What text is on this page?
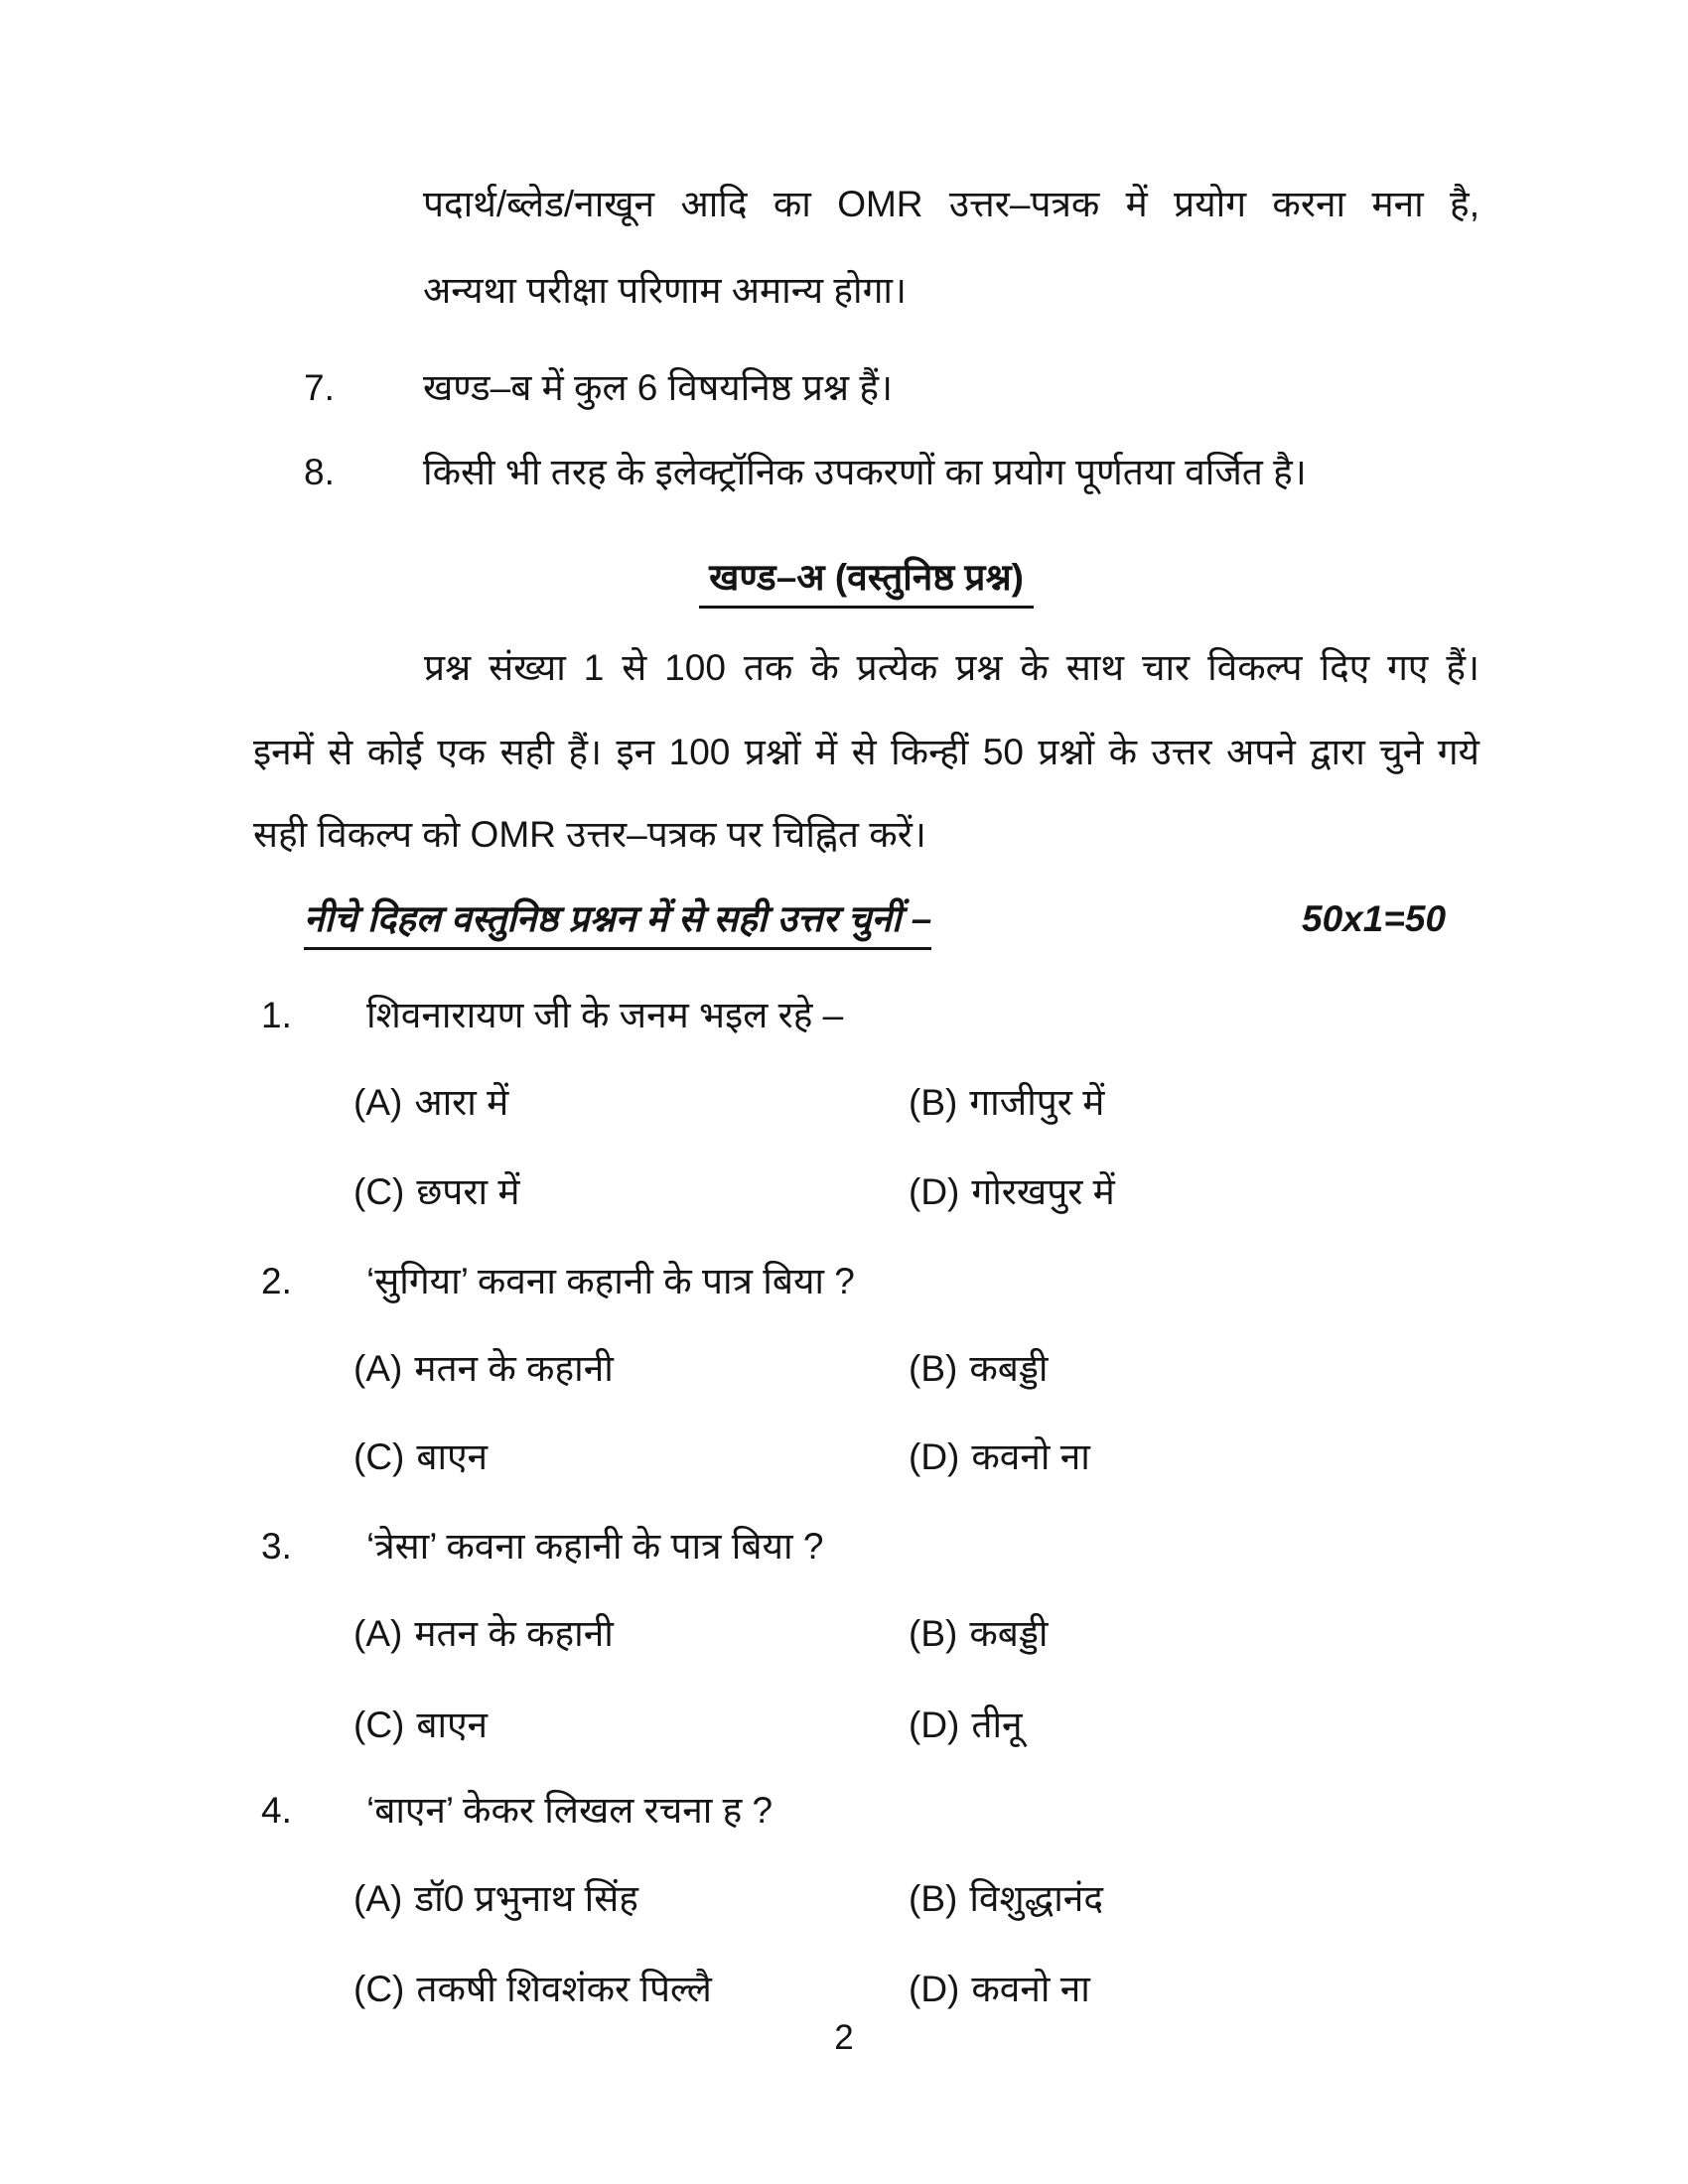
पदार्थ/ब्लेड/नाखून आदि का OMR उत्तर–पत्रक में प्रयोग करना मना है,
अन्यथा परीक्षा परिणाम अमान्य होगा।
7. खण्ड–ब में कुल 6 विषयनिष्ठ प्रश्न हैं।
8. किसी भी तरह के इलेक्ट्रॉनिक उपकरणों का प्रयोग पूर्णतया वर्जित है।
खण्ड–अ (वस्तुनिष्ठ प्रश्न)
प्रश्न संख्या 1 से 100 तक के प्रत्येक प्रश्न के साथ चार विकल्प दिए गए हैं।
इनमें से कोई एक सही हैं। इन 100 प्रश्नों में से किन्हीं 50 प्रश्नों के उत्तर अपने द्वारा चुने गये
सही विकल्प को OMR उत्तर–पत्रक पर चिह्नित करें।
नीचे दिहल वस्तुनिष्ठ प्रश्नन में से सही उत्तर चुनीं –	50x1=50
1. शिवनारायण जी के जनम भइल रहे –
(A) आरा में	(B) गाजीपुर में
(C) छपरा में	(D) गोरखपुर में
2. ‘सुगिया’ कवना कहानी के पात्र बिया ?
(A) मतन के कहानी	(B) कबड्डी
(C) बाएन	(D) कवनो ना
3. ‘त्रेसा’ कवना कहानी के पात्र बिया ?
(A) मतन के कहानी	(B) कबड्डी
(C) बाएन	(D) तीनू
4. ‘बाएन’ केकर लिखल रचना ह ?
(A) डॉ0 प्रभुनाथ सिंह	(B) विशुद्धानंद
(C) तकषी शिवशंकर पिल्लै	(D) कवनो ना
2
